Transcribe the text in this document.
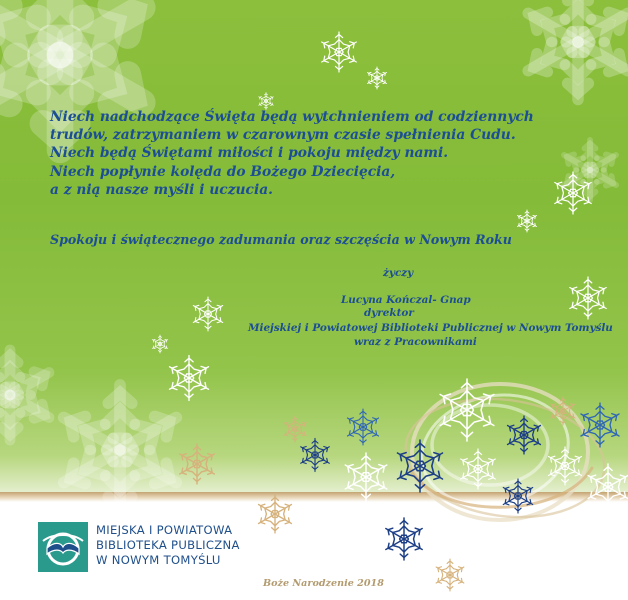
Niech nadchodzące Święta będą wytchnieniem od codziennych
trudów, zatrzymaniem w czarownym czasie spełnienia Cudu.
Niech będą Świętami miłości i pokoju między nami.
Niech popłynie kolęda do Bożego Dziecięcia,
a z nią nasze myśli i uczucia.
Spokoju i świątecznego zadumania oraz szczęścia w Nowym Roku
życzy
Lucyna Kończal- Gnap
dyrektor
Miejskiej i Powiatowej Biblioteki Publicznej w Nowym Tomyślu
wraz z Pracownikami
MIEJSKA I POWIATOWA
BIBLIOTEKA PUBLICZNA
W NOWYM TOMYŚLU
Boże Narodzenie 2018
